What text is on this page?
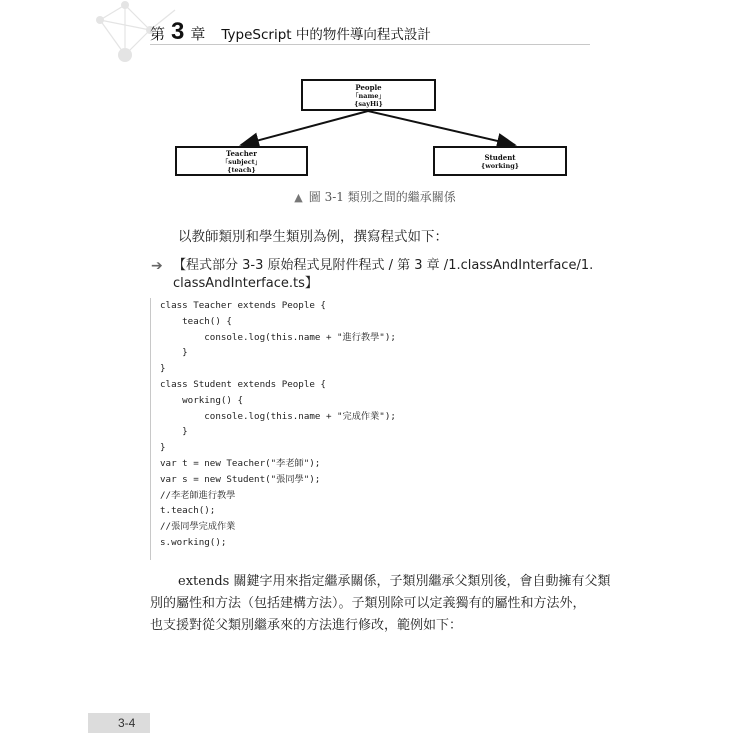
第 3 章 TypeScript 中的物件導向程式設計
People
「name」
{sayHi}
Teacher
「subject」
{teach}
Student
{working}
▲ 圖 3-1 類別之間的繼承關係
以教師類別和學生類別為例，撰寫程式如下：
➔ 【程式部分 3-3 原始程式見附件程式 / 第 3 章 /1.classAndInterface/1.
classAndInterface.ts】
class Teacher extends People {
teach() {
console.log(this.name + "進行教學");
}
}
class Student extends People {
working() {
console.log(this.name + "完成作業");
}
}
var t = new Teacher("李老師");
var s = new Student("張同學");
//李老師進行教學
t.teach();
//張同學完成作業
s.working();
extends 關鍵字用來指定繼承關係，子類別繼承父類別後，會自動擁有父類
別的屬性和方法（包括建構方法）。子類別除可以定義獨有的屬性和方法外，
也支援對從父類別繼承來的方法進行修改，範例如下：
3-4
